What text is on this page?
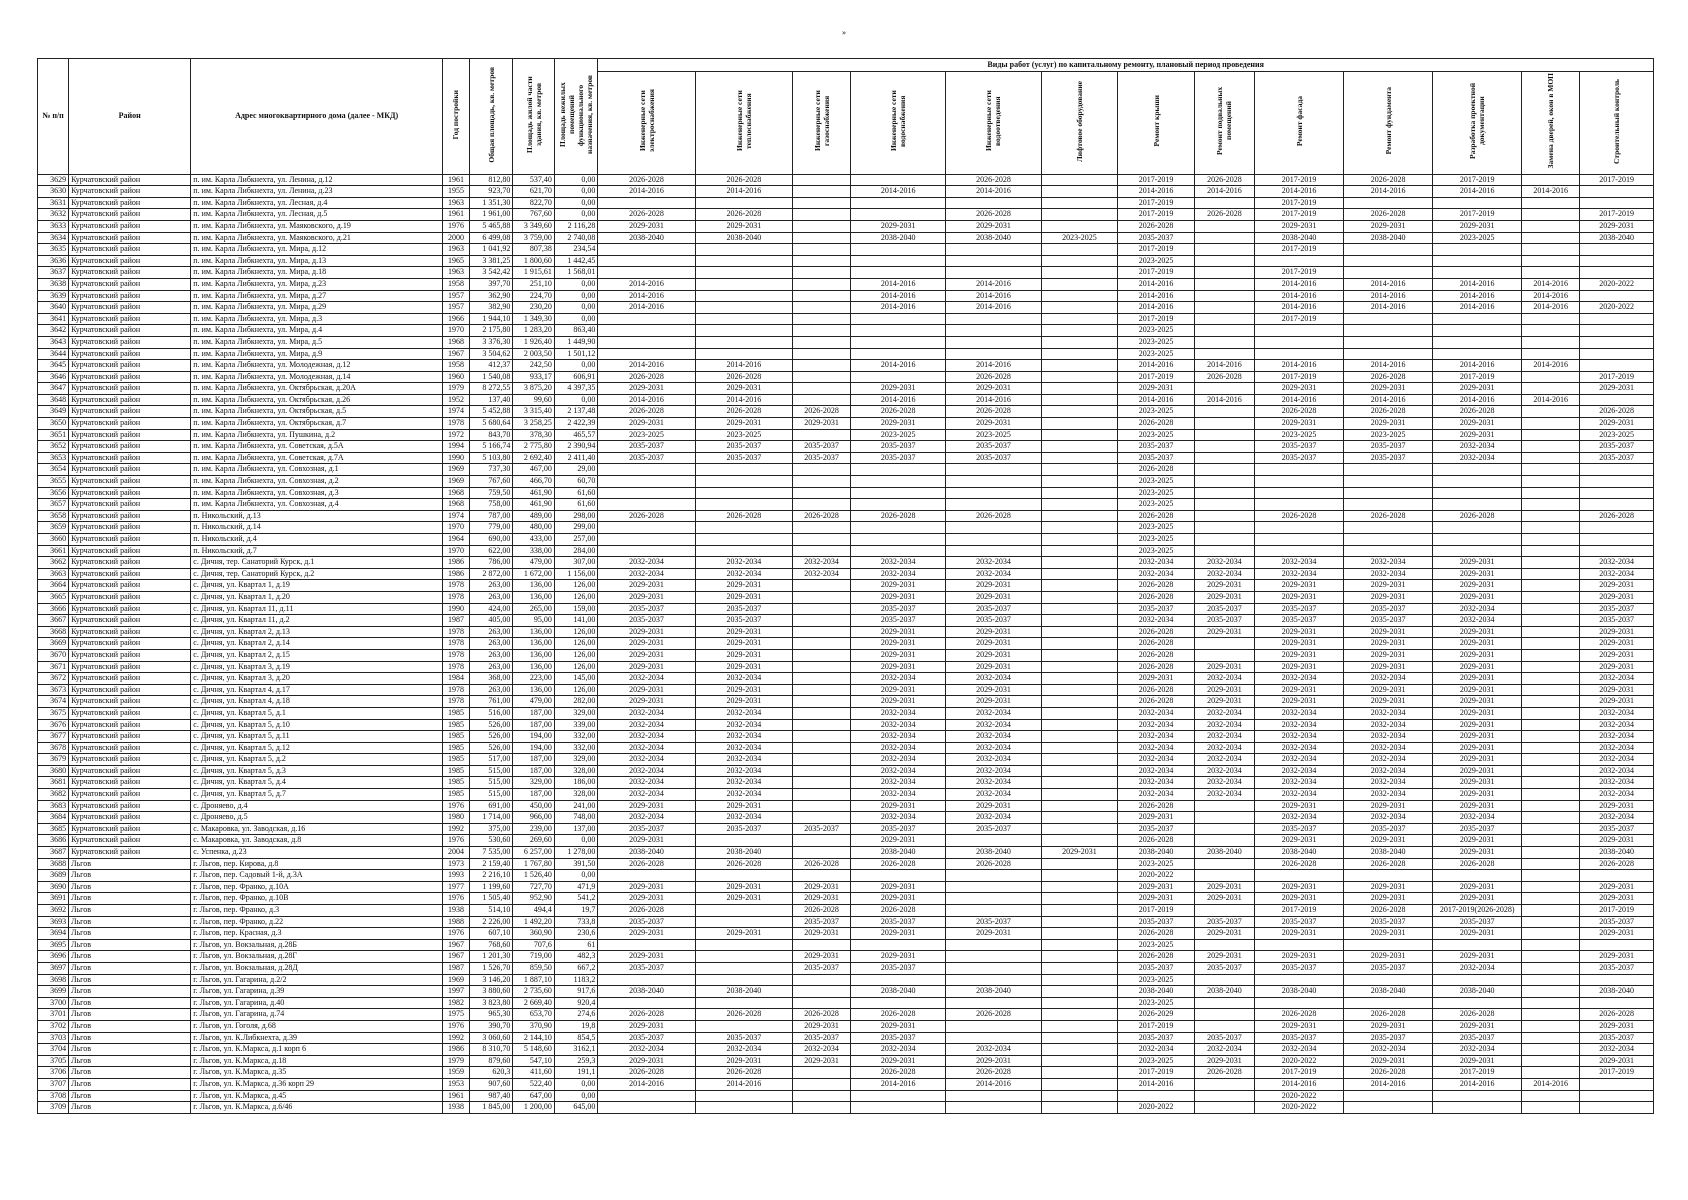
»
№ п/п	Район	Адрес многоквартирного дома (далее - МКД)	Год постройки	Общая площадь, кв. метров	Площадь жилой части здания, кв. метров	Площадь нежилых помещений функционального назначения, кв. метров	Виды работ (услуг) по капитальному ремонту, плановый период проведения												
							Инженерные сети электроснабжения	Инженерные сети теплоснабжения	Инженерные сети газоснабжения	Инженерные сети водоснабжения	Инженерные сети водоотведения	Лифтовое оборудование	Ремонт крыши	Ремонт подвальных помещений	Ремонт фасада	Ремонт фундамента	Разработка проектной документации	Замена дверей, окон в МОП	Строительный контроль
3629	Курчатовский район	п. им. Карла Либкнехта, ул. Ленина, д.12	1961	812,80	537,40	0,00	2026-2028	2026-2028			2026-2028		2017-2019	2026-2028	2017-2019	2026-2028	2017-2019		2017-2019
3630	Курчатовский район	п. им. Карла Либкнехта, ул. Ленина, д.23	1955	923,70	621,70	0,00	2014-2016	2014-2016		2014-2016	2014-2016		2014-2016	2014-2016	2014-2016	2014-2016	2014-2016	2014-2016	
3631	Курчатовский район	п. им. Карла Либкнехта, ул. Лесная, д.4	1963	1 351,30	822,70	0,00							2017-2019		2017-2019				
3632	Курчатовский район	п. им. Карла Либкнехта, ул. Лесная, д.5	1961	1 961,00	767,60	0,00	2026-2028	2026-2028			2026-2028		2017-2019	2026-2028	2017-2019	2026-2028	2017-2019		2017-2019
3633	Курчатовский район	п. им. Карла Либкнехта, ул. Маяковского, д.19	1976	5 465,88	3 349,60	2 116,28	2029-2031	2029-2031		2029-2031	2029-2031		2026-2028		2029-2031	2029-2031	2029-2031		2029-2031
3634	Курчатовский район	п. им. Карла Либкнехта, ул. Маяковского, д.21	2000	6 499,08	3 759,00	2 740,08	2038-2040	2038-2040		2038-2040	2038-2040	2023-2025	2035-2037		2038-2040	2038-2040	2023-2025		2038-2040
3635	Курчатовский район	п. им. Карла Либкнехта, ул. Мира, д.12	1963	1 041,92	807,38	234,54							2017-2019		2017-2019				
3636	Курчатовский район	п. им. Карла Либкнехта, ул. Мира, д.13	1965	3 381,25	1 800,60	1 442,45							2023-2025						
3637	Курчатовский район	п. им. Карла Либкнехта, ул. Мира, д.18	1963	3 542,42	1 915,61	1 568,01							2017-2019		2017-2019				
3638	Курчатовский район	п. им. Карла Либкнехта, ул. Мира, д.23	1958	397,70	251,10	0,00	2014-2016			2014-2016	2014-2016		2014-2016		2014-2016	2014-2016	2014-2016	2014-2016	2020-2022
3639	Курчатовский район	п. им. Карла Либкнехта, ул. Мира, д.27	1957	362,90	224,70	0,00	2014-2016			2014-2016	2014-2016		2014-2016		2014-2016	2014-2016	2014-2016	2014-2016	
3640	Курчатовский район	п. им. Карла Либкнехта, ул. Мира, д.29	1957	382,90	230,20	0,00	2014-2016			2014-2016	2014-2016		2014-2016		2014-2016	2014-2016	2014-2016	2014-2016	2020-2022
3641	Курчатовский район	п. им. Карла Либкнехта, ул. Мира, д.3	1966	1 944,10	1 349,30	0,00							2017-2019		2017-2019				
3642	Курчатовский район	п. им. Карла Либкнехта, ул. Мира, д.4	1970	2 175,80	1 283,20	863,40							2023-2025						
3643	Курчатовский район	п. им. Карла Либкнехта, ул. Мира, д.5	1968	3 376,30	1 926,40	1 449,90							2023-2025						
3644	Курчатовский район	п. им. Карла Либкнехта, ул. Мира, д.9	1967	3 504,62	2 003,50	1 501,12							2023-2025						
3645	Курчатовский район	п. им. Карла Либкнехта, ул. Молодежная, д.12	1958	412,37	242,50	0,00	2014-2016	2014-2016		2014-2016	2014-2016		2014-2016	2014-2016	2014-2016	2014-2016	2014-2016	2014-2016	
3646	Курчатовский район	п. им. Карла Либкнехта, ул. Молодежная, д.14	1960	1 540,08	933,17	606,91	2026-2028	2026-2028			2026-2028		2017-2019	2026-2028	2017-2019	2026-2028	2017-2019		2017-2019
3647	Курчатовский район	п. им. Карла Либкнехта, ул. Октябрьская, д.20А	1979	8 272,55	3 875,20	4 397,35	2029-2031	2029-2031		2029-2031	2029-2031		2029-2031		2029-2031	2029-2031	2029-2031		2029-2031
3648	Курчатовский район	п. им. Карла Либкнехта, ул. Октябрьская, д.26	1952	137,40	99,60	0,00	2014-2016	2014-2016		2014-2016	2014-2016		2014-2016	2014-2016	2014-2016	2014-2016	2014-2016	2014-2016	
3649	Курчатовский район	п. им. Карла Либкнехта, ул. Октябрьская, д.5	1974	5 452,88	3 315,40	2 137,48	2026-2028	2026-2028	2026-2028	2026-2028	2026-2028		2023-2025		2026-2028	2026-2028	2026-2028		2026-2028
3650	Курчатовский район	п. им. Карла Либкнехта, ул. Октябрьская, д.7	1978	5 680,64	3 258,25	2 422,39	2029-2031	2029-2031	2029-2031	2029-2031	2029-2031		2026-2028		2029-2031	2029-2031	2029-2031		2029-2031
3651	Курчатовский район	п. им. Карла Либкнехта, ул. Пушкина, д.2	1972	843,70	378,30	465,57	2023-2025	2023-2025		2023-2025	2023-2025		2023-2025		2023-2025	2023-2025	2029-2031		2023-2025
3652	Курчатовский район	п. им. Карла Либкнехта, ул. Советская, д.5А	1994	5 166,74	2 775,80	2 390,94	2035-2037	2035-2037	2035-2037	2035-2037	2035-2037		2035-2037		2035-2037	2035-2037	2032-2034		2035-2037
3653	Курчатовский район	п. им. Карла Либкнехта, ул. Советская, д.7А	1990	5 103,80	2 692,40	2 411,40	2035-2037	2035-2037	2035-2037	2035-2037	2035-2037		2035-2037		2035-2037	2035-2037	2032-2034		2035-2037
3654	Курчатовский район	п. им. Карла Либкнехта, ул. Совхозная, д.1	1969	737,30	467,00	29,00							2026-2028						
3655	Курчатовский район	п. им. Карла Либкнехта, ул. Совхозная, д.2	1969	767,60	466,70	60,70							2023-2025						
3656	Курчатовский район	п. им. Карла Либкнехта, ул. Совхозная, д.3	1968	759,50	461,90	61,60							2023-2025						
3657	Курчатовский район	п. им. Карла Либкнехта, ул. Совхозная, д.4	1968	758,00	461,90	61,60							2023-2025						
3658	Курчатовский район	п. Никольский, д.13	1974	787,00	489,00	298,00	2026-2028	2026-2028	2026-2028	2026-2028	2026-2028		2026-2028		2026-2028	2026-2028	2026-2028		2026-2028
3659	Курчатовский район	п. Никольский, д.14	1970	779,00	480,00	299,00							2023-2025						
3660	Курчатовский район	п. Никольский, д.4	1964	690,00	433,00	257,00							2023-2025						
3661	Курчатовский район	п. Никольский, д.7	1970	622,00	338,00	284,00							2023-2025						
3662	Курчатовский район	с. Дичня, тер. Санаторий Курск, д.1	1986	786,00	479,00	307,00	2032-2034	2032-2034	2032-2034	2032-2034	2032-2034		2032-2034	2032-2034	2032-2034	2032-2034	2029-2031		2032-2034
3663	Курчатовский район	с. Дичня, тер. Санаторий Курск, д.2	1986	2 872,00	1 672,00	1 156,00	2032-2034	2032-2034	2032-2034	2032-2034	2032-2034		2032-2034	2032-2034	2032-2034	2032-2034	2029-2031		2032-2034
3664	Курчатовский район	с. Дичня, ул. Квартал 1, д.19	1978	263,00	136,00	126,00	2029-2031	2029-2031		2029-2031	2029-2031		2026-2028	2029-2031	2029-2031	2029-2031	2029-2031		2029-2031
3665	Курчатовский район	с. Дичня, ул. Квартал 1, д.20	1978	263,00	136,00	126,00	2029-2031	2029-2031		2029-2031	2029-2031		2026-2028	2029-2031	2029-2031	2029-2031	2029-2031		2029-2031
3666	Курчатовский район	с. Дичня, ул. Квартал 11, д.11	1990	424,00	265,00	159,00	2035-2037	2035-2037		2035-2037	2035-2037		2035-2037	2035-2037	2035-2037	2035-2037	2032-2034		2035-2037
3667	Курчатовский район	с. Дичня, ул. Квартал 11, д.2	1987	405,00	95,00	141,00	2035-2037	2035-2037		2035-2037	2035-2037		2032-2034	2035-2037	2035-2037	2035-2037	2032-2034		2035-2037
3668	Курчатовский район	с. Дичня, ул. Квартал 2, д.13	1978	263,00	136,00	126,00	2029-2031	2029-2031		2029-2031	2029-2031		2026-2028	2029-2031	2029-2031	2029-2031	2029-2031		2029-2031
3669	Курчатовский район	с. Дичня, ул. Квартал 2, д.14	1978	263,00	136,00	126,00	2029-2031	2029-2031		2029-2031	2029-2031		2026-2028		2029-2031	2029-2031	2029-2031		2029-2031
3670	Курчатовский район	с. Дичня, ул. Квартал 2, д.15	1978	263,00	136,00	126,00	2029-2031	2029-2031		2029-2031	2029-2031		2026-2028		2029-2031	2029-2031	2029-2031		2029-2031
3671	Курчатовский район	с. Дичня, ул. Квартал 3, д.19	1978	263,00	136,00	126,00	2029-2031	2029-2031		2029-2031	2029-2031		2026-2028	2029-2031	2029-2031	2029-2031	2029-2031		2029-2031
3672	Курчатовский район	с. Дичня, ул. Квартал 3, д.20	1984	368,00	223,00	145,00	2032-2034	2032-2034		2032-2034	2032-2034		2029-2031	2032-2034	2032-2034	2032-2034	2029-2031		2032-2034
3673	Курчатовский район	с. Дичня, ул. Квартал 4, д.17	1978	263,00	136,00	126,00	2029-2031	2029-2031		2029-2031	2029-2031		2026-2028	2029-2031	2029-2031	2029-2031	2029-2031		2029-2031
3674	Курчатовский район	с. Дичня, ул. Квартал 4, д.18	1978	761,00	479,00	282,00	2029-2031	2029-2031		2029-2031	2029-2031		2026-2028	2029-2031	2029-2031	2029-2031	2029-2031		2029-2031
3675	Курчатовский район	с. Дичня, ул. Квартал 5, д.1	1985	516,00	187,00	329,00	2032-2034	2032-2034		2032-2034	2032-2034		2032-2034	2032-2034	2032-2034	2032-2034	2029-2031		2032-2034
3676	Курчатовский район	с. Дичня, ул. Квартал 5, д.10	1985	526,00	187,00	339,00	2032-2034	2032-2034		2032-2034	2032-2034		2032-2034	2032-2034	2032-2034	2032-2034	2029-2031		2032-2034
3677	Курчатовский район	с. Дичня, ул. Квартал 5, д.11	1985	526,00	194,00	332,00	2032-2034	2032-2034		2032-2034	2032-2034		2032-2034	2032-2034	2032-2034	2032-2034	2029-2031		2032-2034
3678	Курчатовский район	с. Дичня, ул. Квартал 5, д.12	1985	526,00	194,00	332,00	2032-2034	2032-2034		2032-2034	2032-2034		2032-2034	2032-2034	2032-2034	2032-2034	2029-2031		2032-2034
3679	Курчатовский район	с. Дичня, ул. Квартал 5, д.2	1985	517,00	187,00	329,00	2032-2034	2032-2034		2032-2034	2032-2034		2032-2034	2032-2034	2032-2034	2032-2034	2029-2031		2032-2034
3680	Курчатовский район	с. Дичня, ул. Квартал 5, д.3	1985	515,00	187,00	328,00	2032-2034	2032-2034		2032-2034	2032-2034		2032-2034	2032-2034	2032-2034	2032-2034	2029-2031		2032-2034
3681	Курчатовский район	с. Дичня, ул. Квартал 5, д.4	1985	515,00	329,00	186,00	2032-2034	2032-2034		2032-2034	2032-2034		2032-2034	2032-2034	2032-2034	2032-2034	2029-2031		2032-2034
3682	Курчатовский район	с. Дичня, ул. Квартал 5, д.7	1985	515,00	187,00	328,00	2032-2034	2032-2034		2032-2034	2032-2034		2032-2034	2032-2034	2032-2034	2032-2034	2029-2031		2032-2034
3683	Курчатовский район	с. Дроняево, д.4	1976	691,00	450,00	241,00	2029-2031	2029-2031		2029-2031	2029-2031		2026-2028		2029-2031	2029-2031	2029-2031		2029-2031
3684	Курчатовский район	с. Дроняево, д.5	1980	1 714,00	966,00	748,00	2032-2034	2032-2034		2032-2034	2032-2034		2029-2031		2032-2034	2032-2034	2032-2034		2032-2034
3685	Курчатовский район	с. Макаровка, ул. Заводская, д.16	1992	375,00	239,00	137,00	2035-2037	2035-2037	2035-2037	2035-2037	2035-2037		2035-2037		2035-2037	2035-2037	2035-2037		2035-2037
3686	Курчатовский район	с. Макаровка, ул. Заводская, д.8	1976	530,60	269,60	0,00	2029-2031			2029-2031			2026-2028		2029-2031	2029-2031	2029-2031		2029-2031
3687	Курчатовский район	с. Успенка, д.23	2004	7 535,00	6 257,00	1 278,00	2038-2040	2038-2040		2038-2040	2038-2040	2029-2031	2038-2040	2038-2040	2038-2040	2038-2040	2029-2031		2038-2040
3688	Льгов	г. Льгов, пер. Кирова, д.8	1973	2 159,40	1 767,80	391,50	2026-2028	2026-2028	2026-2028	2026-2028	2026-2028		2023-2025		2026-2028	2026-2028	2026-2028		2026-2028
3689	Льгов	г. Льгов, пер. Садовый 1-й, д.3А	1993	2 216,10	1 526,40	0,00							2020-2022						
3690	Льгов	г. Льгов, пер. Франко, д.10А	1977	1 199,60	727,70	471,9	2029-2031	2029-2031	2029-2031	2029-2031			2029-2031	2029-2031	2029-2031	2029-2031	2029-2031		2029-2031
3691	Льгов	г. Льгов, пер. Франко, д.10В	1976	1 505,40	952,90	541,2	2029-2031	2029-2031	2029-2031	2029-2031			2029-2031	2029-2031	2029-2031	2029-2031	2029-2031		2029-2031
3692	Льгов	г. Льгов, пер. Франко, д.3	1938	514,10	494,4	19,7	2026-2028		2026-2028	2026-2028			2017-2019		2017-2019	2026-2028	2017-2019(2026-2028)		2017-2019
3693	Льгов	г. Льгов, пер. Франко, д.22	1988	2 226,00	1 492,20	733,8	2035-2037		2035-2037	2035-2037	2035-2037		2035-2037	2035-2037	2035-2037	2035-2037	2035-2037		2035-2037
3694	Льгов	г. Льгов, пер. Красная, д.3	1976	607,10	360,90	230,6	2029-2031	2029-2031	2029-2031	2029-2031	2029-2031		2026-2028	2029-2031	2029-2031	2029-2031	2029-2031		2029-2031
3695	Льгов	г. Льгов, ул. Вокзальная, д.28Б	1967	768,60	707,6	61							2023-2025						
3696	Льгов	г. Льгов, ул. Вокзальная, д.28Г	1967	1 201,30	719,00	482,3	2029-2031		2029-2031	2029-2031			2026-2028	2029-2031	2029-2031	2029-2031	2029-2031		2029-2031
3697	Льгов	г. Льгов, ул. Вокзальная, д.28Д	1987	1 526,70	859,50	667,2	2035-2037		2035-2037	2035-2037			2035-2037	2035-2037	2035-2037	2035-2037	2032-2034		2035-2037
3698	Льгов	г. Льгов, ул. Гагарина, д.2/2	1969	3 146,20	1 887,10	1183,2							2023-2025						
3699	Льгов	г. Льгов, ул. Гагарина, д.39	1997	3 880,60	2 735,60	917,6	2038-2040	2038-2040		2038-2040	2038-2040		2038-2040	2038-2040	2038-2040	2038-2040	2038-2040		2038-2040
3700	Льгов	г. Льгов, ул. Гагарина, д.40	1982	3 823,80	2 669,40	920,4							2023-2025						
3701	Льгов	г. Льгов, ул. Гагарина, д.74	1975	965,30	653,70	274,6	2026-2028	2026-2028	2026-2028	2026-2028	2026-2028		2026-2029		2026-2028	2026-2028	2026-2028		2026-2028
3702	Льгов	г. Льгов, ул. Гоголя, д.68	1976	390,70	370,90	19,8	2029-2031		2029-2031	2029-2031			2017-2019		2029-2031	2029-2031	2029-2031		2029-2031
3703	Льгов	г. Льгов, ул. К.Либкнехта, д.39	1992	3 060,60	2 144,10	854,5	2035-2037	2035-2037	2035-2037	2035-2037			2035-2037	2035-2037	2035-2037	2035-2037	2035-2037		2035-2037
3704	Льгов	г. Льгов, ул. К.Маркса, д.1 корп 6	1986	8 310,70	5 148,60	3162,1	2032-2034	2032-2034	2032-2034	2032-2034	2032-2034		2032-2034	2032-2034	2032-2034	2032-2034	2032-2034		2032-2034
3705	Льгов	г. Льгов, ул. К.Маркса, д.18	1979	879,60	547,10	259,3	2029-2031	2029-2031	2029-2031	2029-2031	2029-2031		2023-2025	2029-2031	2020-2022	2029-2031	2029-2031		2029-2031
3706	Льгов	г. Льгов, ул. К.Маркса, д.35	1959	620,3	411,60	191,1	2026-2028	2026-2028		2026-2028	2026-2028		2017-2019	2026-2028	2017-2019	2026-2028	2017-2019		2017-2019
3707	Льгов	г. Льгов, ул. К.Маркса, д.36 корп 29	1953	907,60	522,40	0,00	2014-2016	2014-2016		2014-2016	2014-2016		2014-2016		2014-2016	2014-2016	2014-2016	2014-2016	
3708	Льгов	г. Льгов, ул. К.Маркса, д.45	1961	987,40	647,00	0,00									2020-2022				
3709	Льгов	г. Льгов, ул. К.Маркса, д.6/46	1938	1 845,00	1 200,00	645,00							2020-2022		2020-2022				
